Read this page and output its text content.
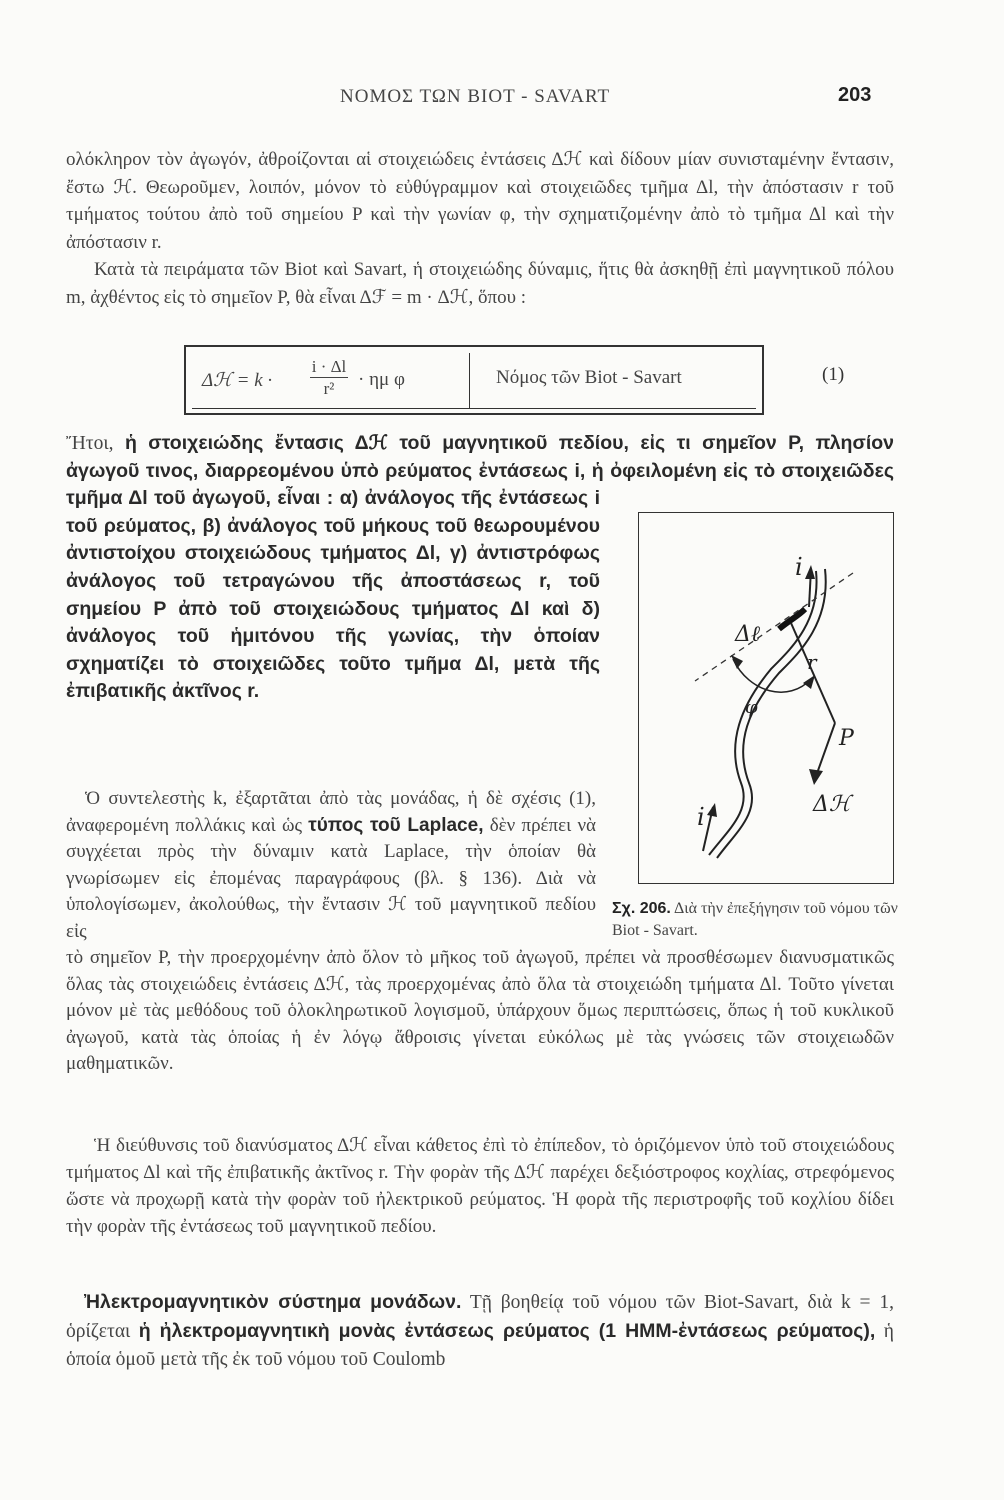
ΝΟΜΟΣ ΤΩΝ BIOT - SAVART	203

ολόκληρον τὸν ἀγωγόν, ἀθροίζονται αἱ στοιχειώδεις ἐντάσεις Δℋ καὶ δίδουν μίαν συνισταμένην ἔντασιν, ἔστω ℋ. Θεωροῦμεν, λοιπόν, μόνον τὸ εὐθύγραμμον καὶ στοιχειῶδες τμῆμα Δl, τὴν ἀπόστασιν r τοῦ τμήματος τούτου ἀπὸ τοῦ σημείου P καὶ τὴν γωνίαν φ, τὴν σχηματιζομένην ἀπὸ τὸ τμῆμα Δl καὶ τὴν ἀπόστασιν r.
Κατὰ τὰ πειράματα τῶν Biot καὶ Savart, ἡ στοιχειώδης δύναμις, ἥτις θὰ ἀσκηθῇ ἐπὶ μαγνητικοῦ πόλου m, ἀχθέντος εἰς τὸ σημεῖον P, θὰ εἶναι Δℱ = m · Δℋ, ὅπου :

Δℋ = k ·
i · Δl
r²	· ημ φ	Νόμος τῶν Biot - Savart	(1)
Ἤτοι, ἡ στοιχειώδης ἔντασις Δℋ τοῦ μαγνητικοῦ πεδίου, εἰς τι σημεῖον P, πλησίον ἀγωγοῦ τινος, διαρρεομένου ὑπὸ ρεύματος ἐντάσεως i, ἡ ὀφειλομένη εἰς τὸ στοιχειῶδες τμῆμα Δl τοῦ ἀγωγοῦ, εἶναι : α) ἀνάλογος τῆς ἐντάσεως i τοῦ ρεύματος, β) ἀνάλογος τοῦ μήκους τοῦ θεωρουμένου ἀντιστοίχου στοιχειώδους τμήματος Δl, γ) ἀντιστρόφως ἀνάλογος τοῦ τετραγώνου τῆς ἀποστάσεως r, τοῦ σημείου P ἀπὸ τοῦ στοιχειώδους τμήματος Δl καὶ δ) ἀνάλογος τοῦ ἡμιτόνου τῆς γωνίας, τὴν ὁποίαν σχηματίζει τὸ στοιχειῶδες τοῦτο τμῆμα Δl, μετὰ τῆς ἐπιβατικῆς ἀκτῖνος r.
i
Δℓ
r
φ
P
Δℋ
i
Σχ. 206. Διὰ τὴν ἐπεξήγησιν τοῦ νόμου τῶν Biot - Savart.

 Ὁ συντελεστὴς k, ἐξαρτᾶται ἀπὸ τὰς μονάδας, ἡ δὲ σχέσις (1), ἀναφερομένη πολλάκις καὶ ὡς τύπος τοῦ Laplace, δὲν πρέπει νὰ συγχέεται πρὸς τὴν δύναμιν κατὰ Laplace, τὴν ὁποίαν θὰ γνωρίσωμεν εἰς ἐπομένας παραγράφους (βλ. § 136). Διὰ νὰ ὑπολογίσωμεν, ἀκολούθως, τὴν ἔντασιν ℋ τοῦ μαγνητικοῦ πεδίου εἰς
τὸ σημεῖον P, τὴν προερχομένην ἀπὸ ὅλον τὸ μῆκος τοῦ ἀγωγοῦ, πρέπει νὰ προσθέσωμεν διανυσματικῶς ὅλας τὰς στοιχειώδεις ἐντάσεις Δℋ, τὰς προερχομένας ἀπὸ ὅλα τὰ στοιχειώδη τμήματα Δl. Τοῦτο γίνεται μόνον μὲ τὰς μεθόδους τοῦ ὁλοκληρωτικοῦ λογισμοῦ, ὑπάρχουν ὅμως περιπτώσεις, ὅπως ἡ τοῦ κυκλικοῦ ἀγωγοῦ, κατὰ τὰς ὁποίας ἡ ἐν λόγῳ ἄθροισις γίνεται εὐκόλως μὲ τὰς γνώσεις τῶν στοιχειωδῶν μαθηματικῶν.

Ἡ διεύθυνσις τοῦ διανύσματος Δℋ εἶναι κάθετος ἐπὶ τὸ ἐπίπεδον, τὸ ὁριζόμενον ὑπὸ τοῦ στοιχειώδους τμήματος Δl καὶ τῆς ἐπιβατικῆς ἀκτῖνος r. Τὴν φορὰν τῆς Δℋ παρέχει δεξιόστροφος κοχλίας, στρεφόμενος ὥστε νὰ προχωρῇ κατὰ τὴν φορὰν τοῦ ἠλεκτρικοῦ ρεύματος. Ἡ φορὰ τῆς περιστροφῆς τοῦ κοχλίου δίδει τὴν φορὰν τῆς ἐντάσεως τοῦ μαγνητικοῦ πεδίου.

Ἠλεκτρομαγνητικὸν σύστημα μονάδων. Τῇ βοηθείᾳ τοῦ νόμου τῶν Biot-Savart, διὰ k = 1, ὁρίζεται ἡ ἠλεκτρομαγνητικὴ μονὰς ἐντάσεως ρεύματος (1 ΗΜΜ-ἐντάσεως ρεύματος), ἡ ὁποία ὁμοῦ μετὰ τῆς ἐκ τοῦ νόμου τοῦ Coulomb
